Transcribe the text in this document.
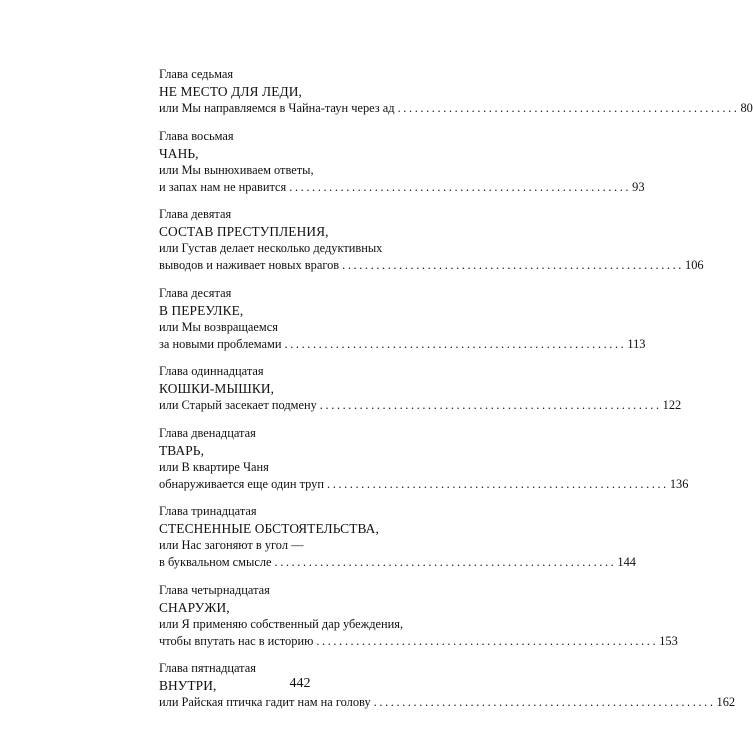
Глава седьмая
НЕ МЕСТО ДЛЯ ЛЕДИ,
или Мы направляемся в Чайна-таун через ад ............................................................ 80
Глава восьмая
ЧАНЬ,
или Мы вынюхиваем ответы,
и запах нам не нравится ............................................................ 93
Глава девятая
СОСТАВ ПРЕСТУПЛЕНИЯ,
или Густав делает несколько дедуктивных
выводов и наживает новых врагов ............................................................ 106
Глава десятая
В ПЕРЕУЛКЕ,
или Мы возвращаемся
за новыми проблемами ............................................................ 113
Глава одиннадцатая
КОШКИ-МЫШКИ,
или Старый засекает подмену ............................................................ 122
Глава двенадцатая
ТВАРЬ,
или В квартире Чаня
обнаруживается еще один труп ............................................................ 136
Глава тринадцатая
СТЕСНЕННЫЕ ОБСТОЯТЕЛЬСТВА,
или Нас загоняют в угол —
в буквальном смысле ............................................................ 144
Глава четырнадцатая
СНАРУЖИ,
или Я применяю собственный дар убеждения,
чтобы впутать нас в историю ............................................................ 153
Глава пятнадцатая
ВНУТРИ,
или Райская птичка гадит нам на голову ............................................................ 162
442
